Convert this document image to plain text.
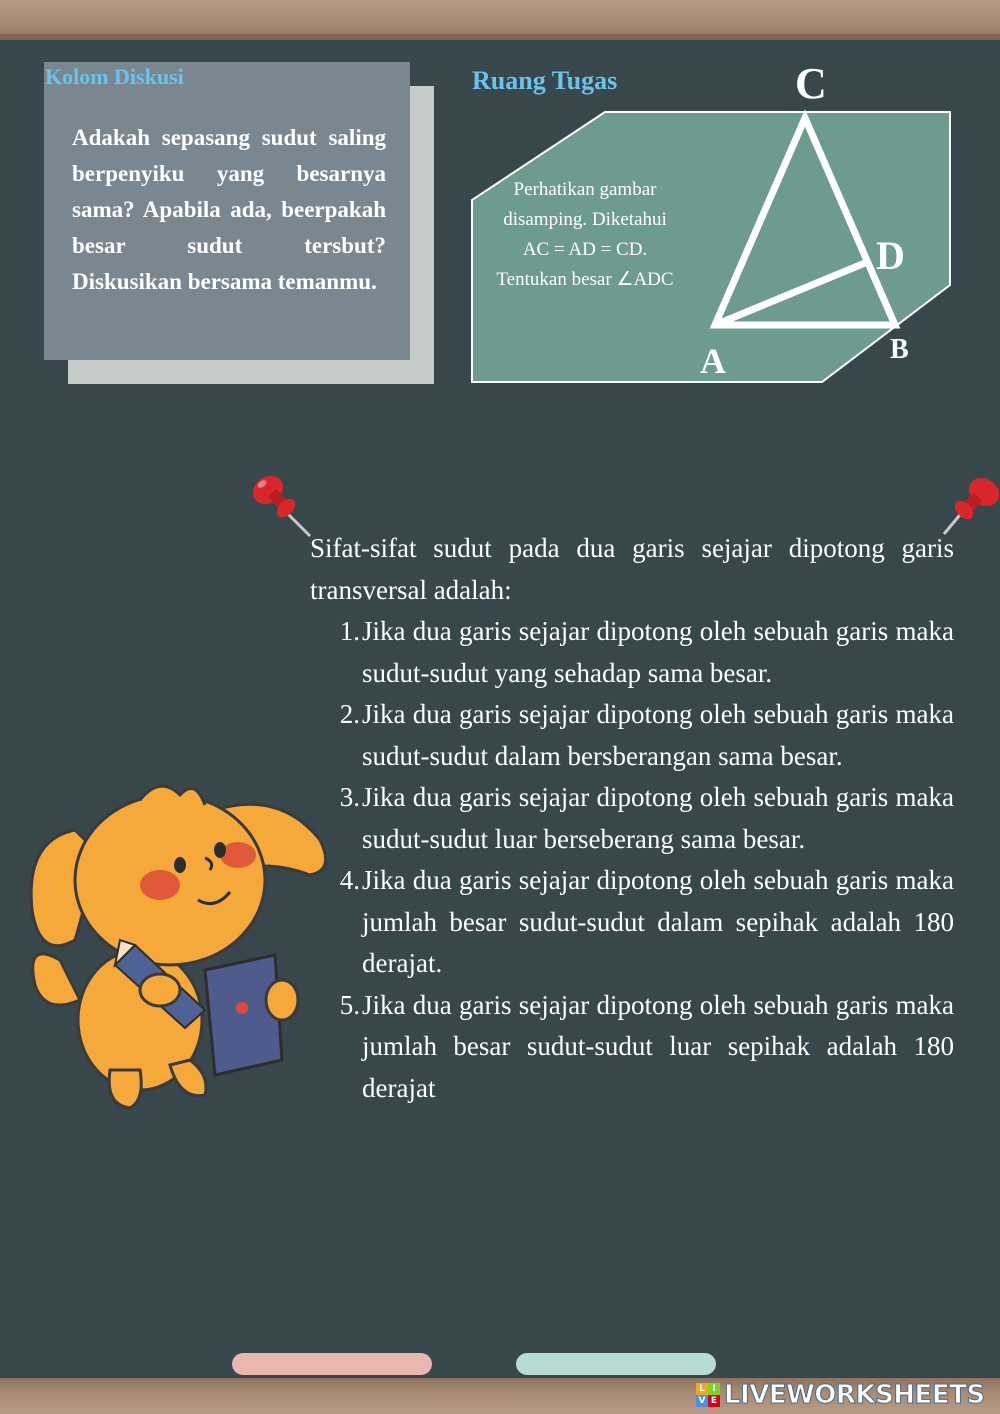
Kolom Diskusi
Adakah sepasang sudut saling berpenyiku yang besarnya sama? Apabila ada, beerpakah besar sudut tersbut? Diskusikan bersama temanmu.
Ruang Tugas
Perhatikan gambar disamping. Diketahui AC = AD = CD. Tentukan besar ∠ADC
C
D
A	B

Sifat-sifat sudut pada dua garis sejajar dipotong garis transversal adalah:

1. Jika dua garis sejajar dipotong oleh sebuah garis maka sudut-sudut yang sehadap sama besar.
2. Jika dua garis sejajar dipotong oleh sebuah garis maka sudut-sudut dalam bersberangan sama besar.
3. Jika dua garis sejajar dipotong oleh sebuah garis maka sudut-sudut luar berseberang sama besar.
4. Jika dua garis sejajar dipotong oleh sebuah garis maka jumlah besar sudut-sudut dalam sepihak adalah 180 derajat.
5. Jika dua garis sejajar dipotong oleh sebuah garis maka jumlah besar sudut-sudut luar sepihak adalah 180 derajat
L I
V E LIVEWORKSHEETS
